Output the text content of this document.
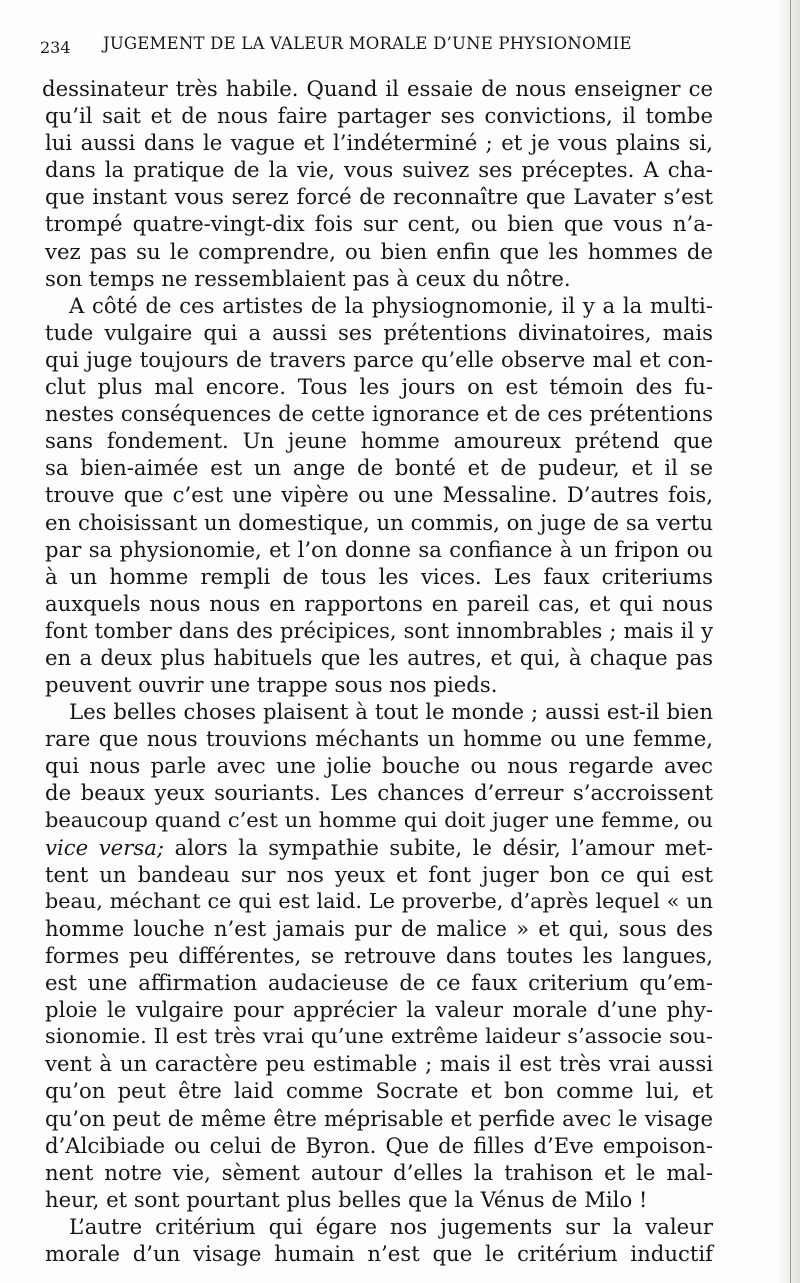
234 JUGEMENT DE LA VALEUR MORALE D’UNE PHYSIONOMIE
dessinateur très habile. Quand il essaie de nous enseigner ce
qu’il sait et de nous faire partager ses convictions, il tombe
lui aussi dans le vague et l’indéterminé ; et je vous plains si,
dans la pratique de la vie, vous suivez ses préceptes. A cha-
que instant vous serez forcé de reconnaître que Lavater s’est
trompé quatre-vingt-dix fois sur cent, ou bien que vous n’a-
vez pas su le comprendre, ou bien enfin que les hommes de
son temps ne ressemblaient pas à ceux du nôtre.
A côté de ces artistes de la physiognomonie, il y a la multi-
tude vulgaire qui a aussi ses prétentions divinatoires, mais
qui juge toujours de travers parce qu’elle observe mal et con-
clut plus mal encore. Tous les jours on est témoin des fu-
nestes conséquences de cette ignorance et de ces prétentions
sans fondement. Un jeune homme amoureux prétend que
sa bien-aimée est un ange de bonté et de pudeur, et il se
trouve que c’est une vipère ou une Messaline. D’autres fois,
en choisissant un domestique, un commis, on juge de sa vertu
par sa physionomie, et l’on donne sa confiance à un fripon ou
à un homme rempli de tous les vices. Les faux criteriums
auxquels nous nous en rapportons en pareil cas, et qui nous
font tomber dans des précipices, sont innombrables ; mais il y
en a deux plus habituels que les autres, et qui, à chaque pas
peuvent ouvrir une trappe sous nos pieds.
Les belles choses plaisent à tout le monde ; aussi est-il bien
rare que nous trouvions méchants un homme ou une femme,
qui nous parle avec une jolie bouche ou nous regarde avec
de beaux yeux souriants. Les chances d’erreur s’accroissent
beaucoup quand c’est un homme qui doit juger une femme, ou
vice versa; alors la sympathie subite, le désir, l’amour met-
tent un bandeau sur nos yeux et font juger bon ce qui est
beau, méchant ce qui est laid. Le proverbe, d’après lequel « un
homme louche n’est jamais pur de malice » et qui, sous des
formes peu différentes, se retrouve dans toutes les langues,
est une affirmation audacieuse de ce faux criterium qu’em-
ploie le vulgaire pour apprécier la valeur morale d’une phy-
sionomie. Il est très vrai qu’une extrême laideur s’associe sou-
vent à un caractère peu estimable ; mais il est très vrai aussi
qu’on peut être laid comme Socrate et bon comme lui, et
qu’on peut de même être méprisable et perfide avec le visage
d’Alcibiade ou celui de Byron. Que de filles d’Eve empoison-
nent notre vie, sèment autour d’elles la trahison et le mal-
heur, et sont pourtant plus belles que la Vénus de Milo !
L’autre critérium qui égare nos jugements sur la valeur
morale d’un visage humain n’est que le critérium inductif
